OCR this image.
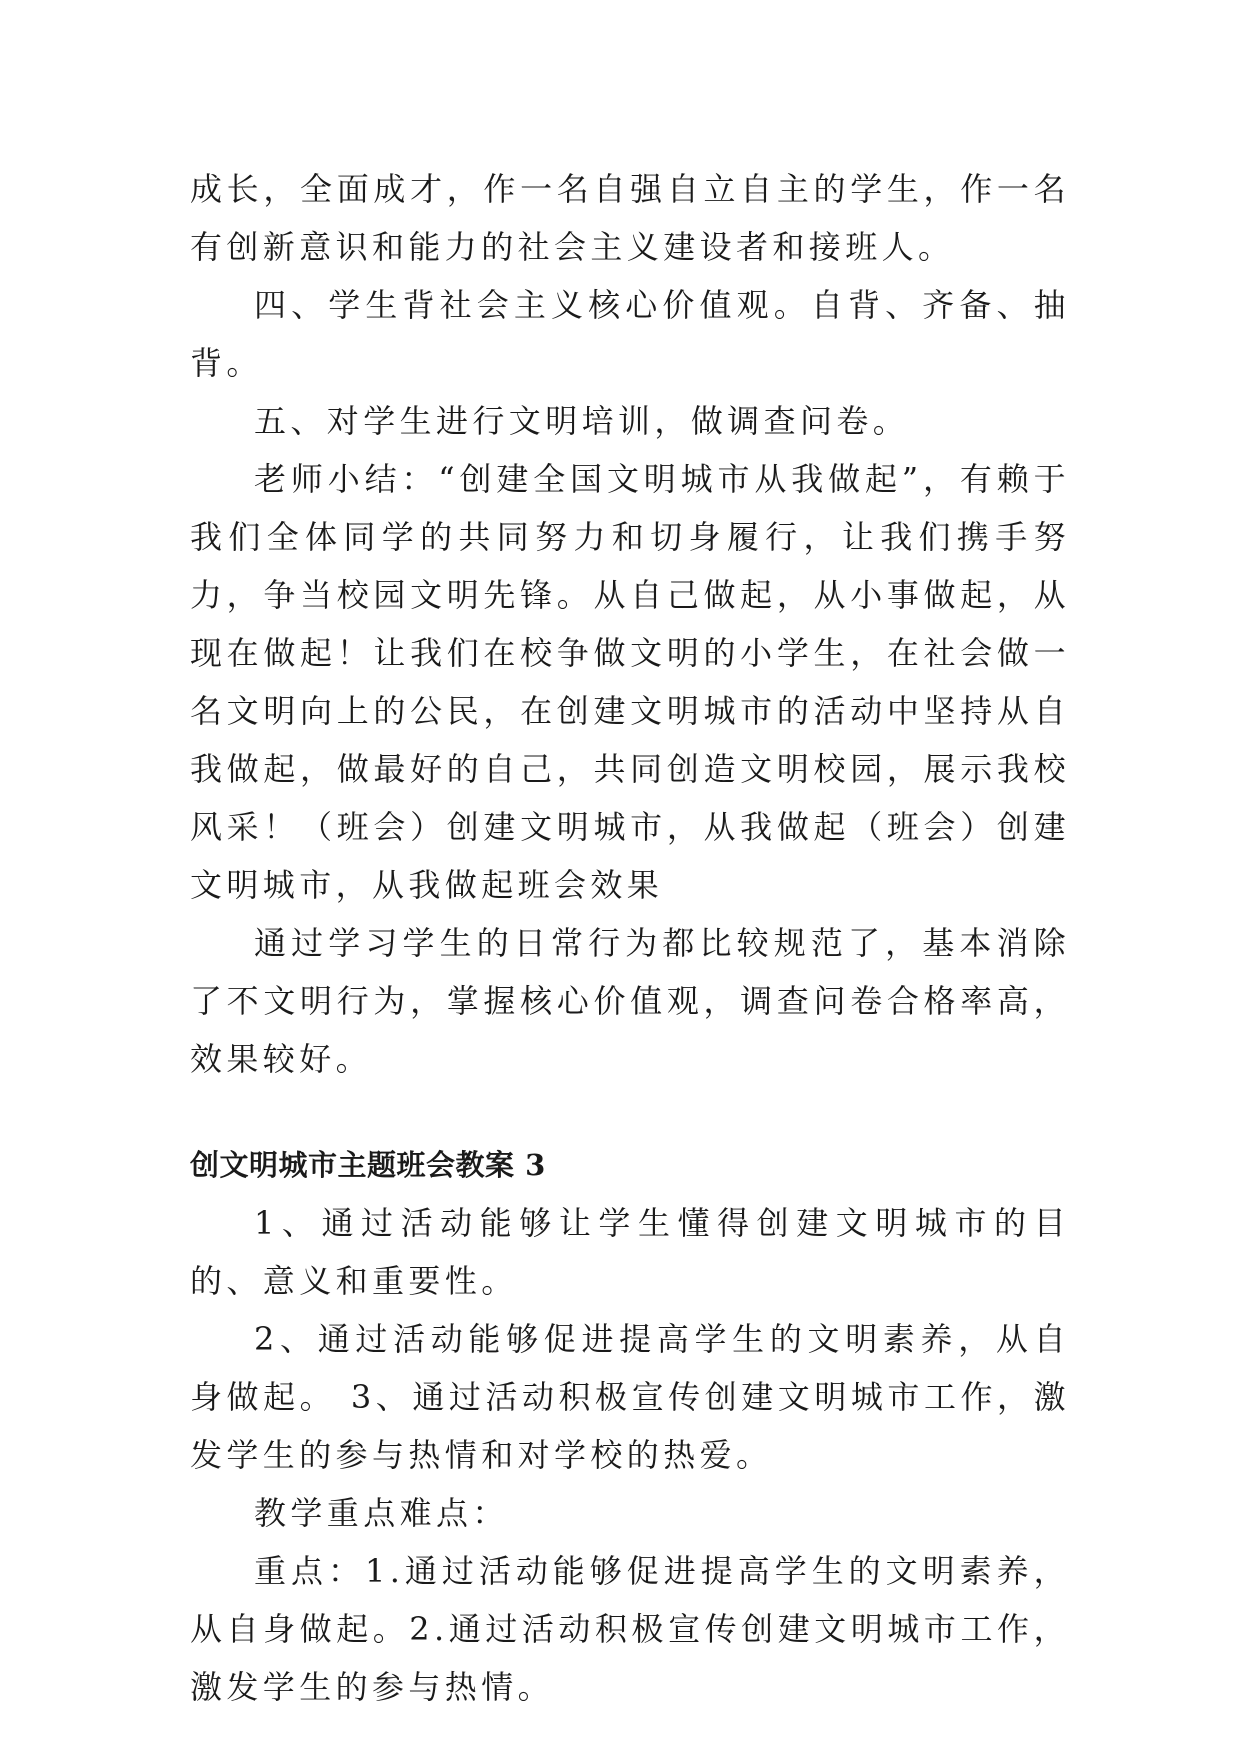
成长，全面成才，作一名自强自立自主的学生，作一名有创新意识和能力的社会主义建设者和接班人。

四、学生背社会主义核心价值观。自背、齐备、抽背。

五、对学生进行文明培训，做调查问卷。

老师小结：“创建全国文明城市从我做起”，有赖于我们全体同学的共同努力和切身履行，让我们携手努力，争当校园文明先锋。从自己做起，从小事做起，从现在做起！让我们在校争做文明的小学生，在社会做一名文明向上的公民，在创建文明城市的活动中坚持从自我做起，做最好的自己，共同创造文明校园，展示我校风采！（班会）创建文明城市，从我做起（班会）创建文明城市，从我做起班会效果

通过学习学生的日常行为都比较规范了，基本消除了不文明行为，掌握核心价值观，调查问卷合格率高，效果较好。

创文明城市主题班会教案 3

1、通过活动能够让学生懂得创建文明城市的目的、意义和重要性。

2、通过活动能够促进提高学生的文明素养，从自身做起。 3、通过活动积极宣传创建文明城市工作，激发学生的参与热情和对学校的热爱。

教学重点难点：

重点：1.通过活动能够促进提高学生的文明素养，从自身做起。2.通过活动积极宣传创建文明城市工作，激发学生的参与热情。
